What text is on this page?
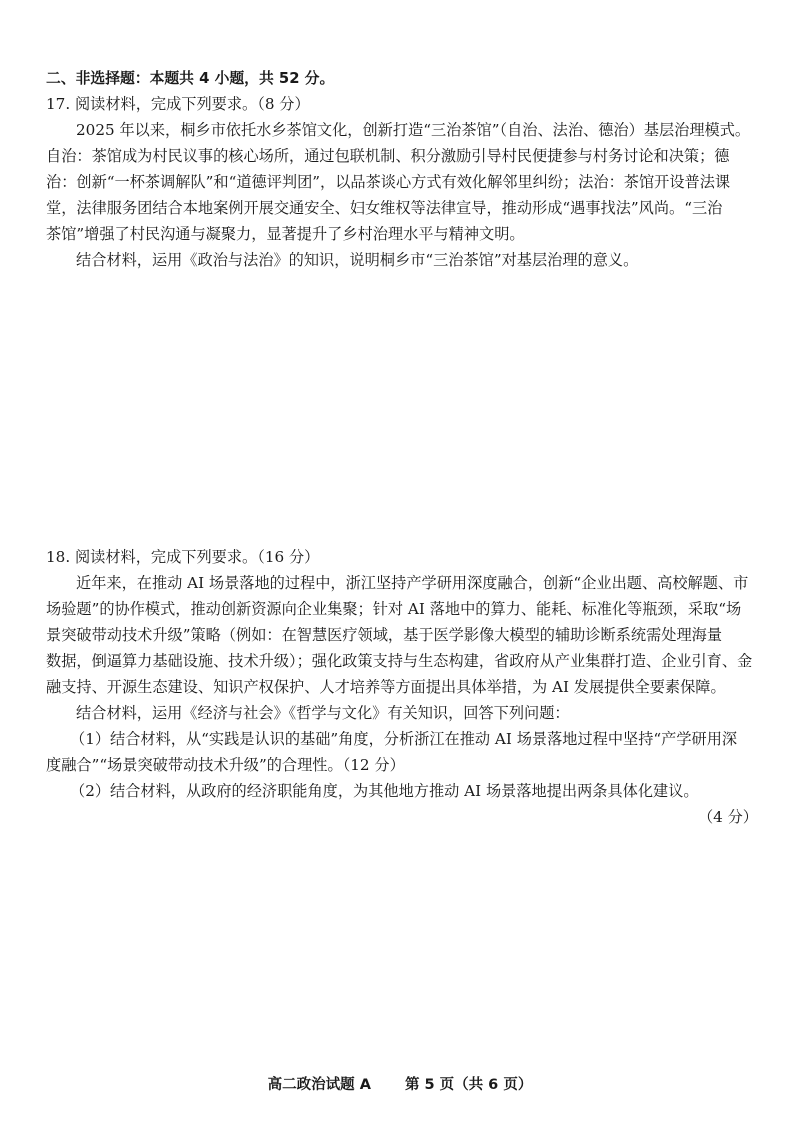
二、非选择题：本题共 4 小题，共 52 分。
17. 阅读材料，完成下列要求。（8 分）
2025 年以来，桐乡市依托水乡茶馆文化，创新打造“三治茶馆”（自治、法治、德治）基层治理模式。
自治：茶馆成为村民议事的核心场所，通过包联机制、积分激励引导村民便捷参与村务讨论和决策；德
治：创新“一杯茶调解队”和“道德评判团”，以品茶谈心方式有效化解邻里纠纷；法治：茶馆开设普法课
堂，法律服务团结合本地案例开展交通安全、妇女维权等法律宣导，推动形成“遇事找法”风尚。“三治
茶馆”增强了村民沟通与凝聚力，显著提升了乡村治理水平与精神文明。
结合材料，运用《政治与法治》的知识，说明桐乡市“三治茶馆”对基层治理的意义。
18. 阅读材料，完成下列要求。（16 分）
近年来，在推动 AI 场景落地的过程中，浙江坚持产学研用深度融合，创新“企业出题、高校解题、市
场验题”的协作模式，推动创新资源向企业集聚；针对 AI 落地中的算力、能耗、标准化等瓶颈，采取“场
景突破带动技术升级”策略（例如：在智慧医疗领域，基于医学影像大模型的辅助诊断系统需处理海量
数据，倒逼算力基础设施、技术升级）；强化政策支持与生态构建，省政府从产业集群打造、企业引育、金
融支持、开源生态建设、知识产权保护、人才培养等方面提出具体举措，为 AI 发展提供全要素保障。
结合材料，运用《经济与社会》《哲学与文化》有关知识，回答下列问题：
（1）结合材料，从“实践是认识的基础”角度，分析浙江在推动 AI 场景落地过程中坚持“产学研用深
度融合”“场景突破带动技术升级”的合理性。（12 分）
（2）结合材料，从政府的经济职能角度，为其他地方推动 AI 场景落地提出两条具体化建议。
（4 分）
高二政治试题 A 第 5 页（共 6 页）
